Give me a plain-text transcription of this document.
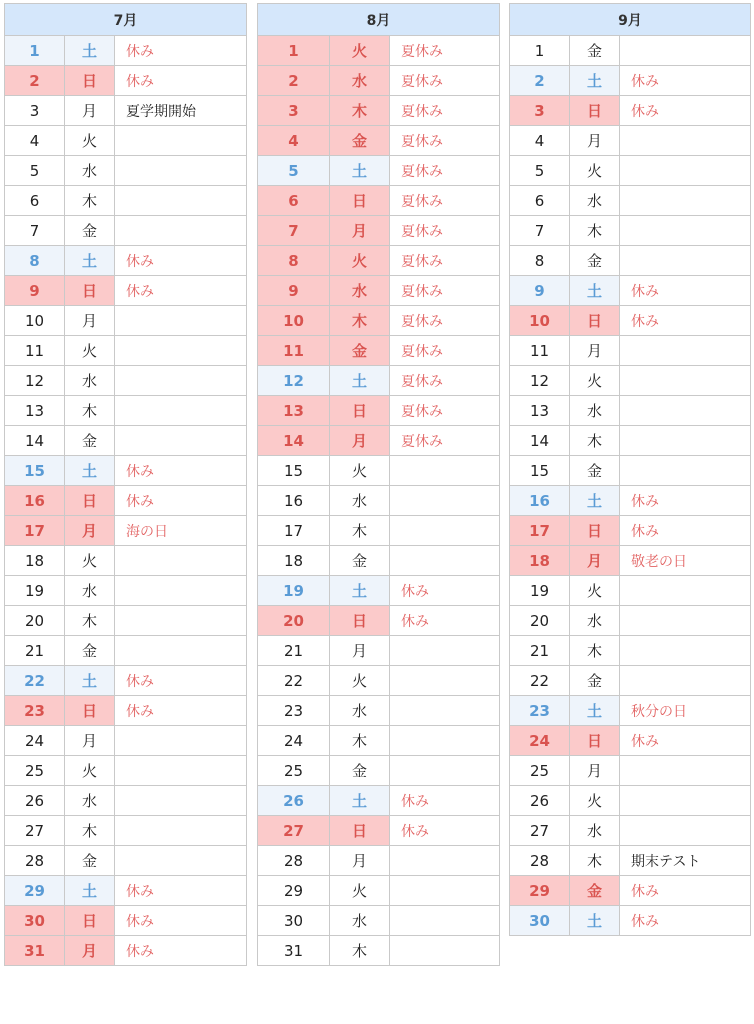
7月		
1	土	休み
2	日	休み
3	月	夏学期開始
4	火	
5	水	
6	木	
7	金	
8	土	休み
9	日	休み
10	月	
11	火	
12	水	
13	木	
14	金	
15	土	休み
16	日	休み
17	月	海の日
18	火	
19	水	
20	木	
21	金	
22	土	休み
23	日	休み
24	月	
25	火	
26	水	
27	木	
28	金	
29	土	休み
30	日	休み
31	月	休み
8月		
1	火	夏休み
2	水	夏休み
3	木	夏休み
4	金	夏休み
5	土	夏休み
6	日	夏休み
7	月	夏休み
8	火	夏休み
9	水	夏休み
10	木	夏休み
11	金	夏休み
12	土	夏休み
13	日	夏休み
14	月	夏休み
15	火	
16	水	
17	木	
18	金	
19	土	休み
20	日	休み
21	月	
22	火	
23	水	
24	木	
25	金	
26	土	休み
27	日	休み
28	月	
29	火	
30	水	
31	木	
9月		
1	金	
2	土	休み
3	日	休み
4	月	
5	火	
6	水	
7	木	
8	金	
9	土	休み
10	日	休み
11	月	
12	火	
13	水	
14	木	
15	金	
16	土	休み
17	日	休み
18	月	敬老の日
19	火	
20	水	
21	木	
22	金	
23	土	秋分の日
24	日	休み
25	月	
26	火	
27	水	
28	木	期末テスト
29	金	休み
30	土	休み
